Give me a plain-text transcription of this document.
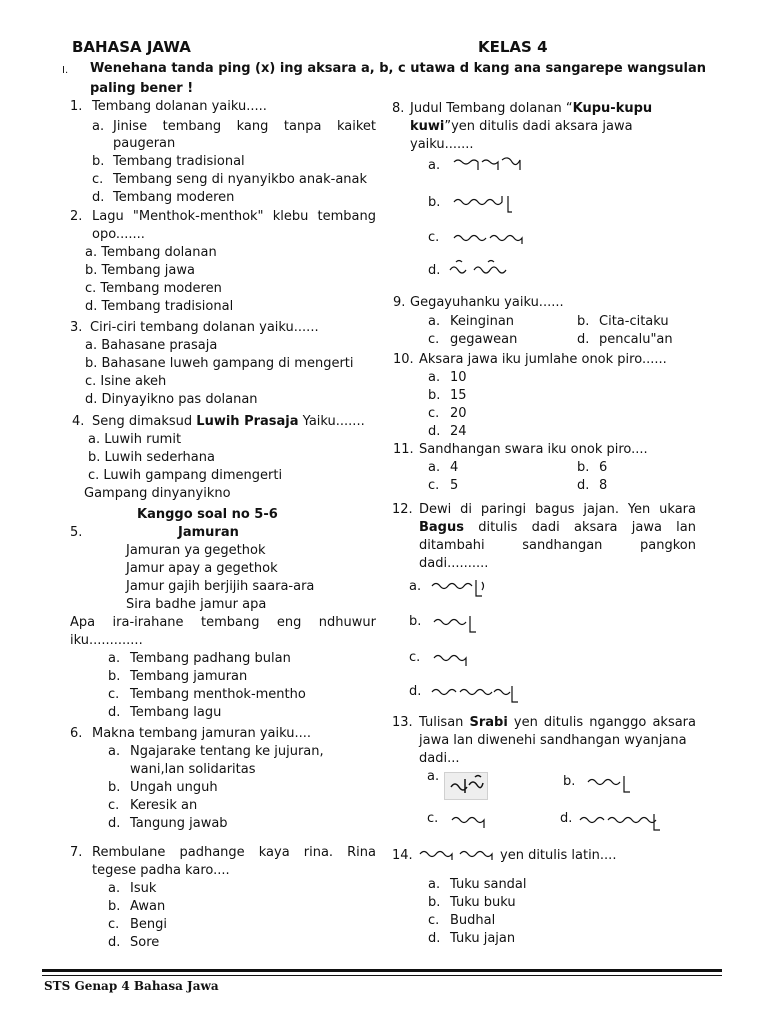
BAHASA JAWA	KELAS 4
I. Wenehana tanda ping (x) ing aksara a, b, c utawa d kang ana sangarepe wangsulan
paling bener !
1. Tembang dolanan yaiku.....
a. Jinise tembang kang tanpa kaiket
paugeran
b. Tembang tradisional
c. Tembang seng di nyanyikbo anak-anak
d. Tembang moderen
2. Lagu "Menthok-menthok" klebu tembang
opo.......
a. Tembang dolanan
b. Tembang jawa
c. Tembang moderen
d. Tembang tradisional
3. Ciri-ciri tembang dolanan yaiku......
a. Bahasane prasaja
b. Bahasane luweh gampang di mengerti
c. Isine akeh
d. Dinyayikno pas dolanan
4. Seng dimaksud Luwih Prasaja Yaiku.......
a. Luwih rumit
b. Luwih sederhana
c. Luwih gampang dimengerti
Gampang dinyanyikno
Kanggo soal no 5-6
5.	Jamuran
Jamuran ya gegethok
Jamur apay a gegethok
Jamur gajih berjijih saara-ara
Sira badhe jamur apa
Apa ira-irahane tembang eng ndhuwur
iku.............
a. Tembang padhang bulan
b. Tembang jamuran
c. Tembang menthok-mentho
d. Tembang lagu
6. Makna tembang jamuran yaiku....
a. Ngajarake tentang ke jujuran,
wani,lan solidaritas
b. Ungah unguh
c. Keresik an
d. Tangung jawab
7. Rembulane padhange kaya rina. Rina
tegese padha karo....
a. Isuk
b. Awan
c. Bengi
d. Sore
8. Judul Tembang dolanan “Kupu-kupu
kuwi”yen ditulis dadi aksara jawa
yaiku.......
a.
b.
c.
d.
9. Gegayuhanku yaiku......
a. Keinginan	b. Cita-citaku
c. gegawean	d. pencalu"an
10. Aksara jawa iku jumlahe onok piro......
a. 10
b. 15
c. 20
d. 24
11. Sandhangan swara iku onok piro....
a. 4	b. 6
c. 5	d. 8
12. Dewi di paringi bagus jajan. Yen ukara
Bagus ditulis dadi aksara jawa lan
ditambahi sandhangan pangkon
dadi..........
a.
b.
c.
d.
13. Tulisan Srabi yen ditulis nganggo aksara
jawa lan diwenehi sandhangan wyanjana
dadi...
a.	b.
c.	d.
14.	yen ditulis latin....
a. Tuku sandal
b. Tuku buku
c. Budhal
d. Tuku jajan
STS Genap 4 Bahasa Jawa
